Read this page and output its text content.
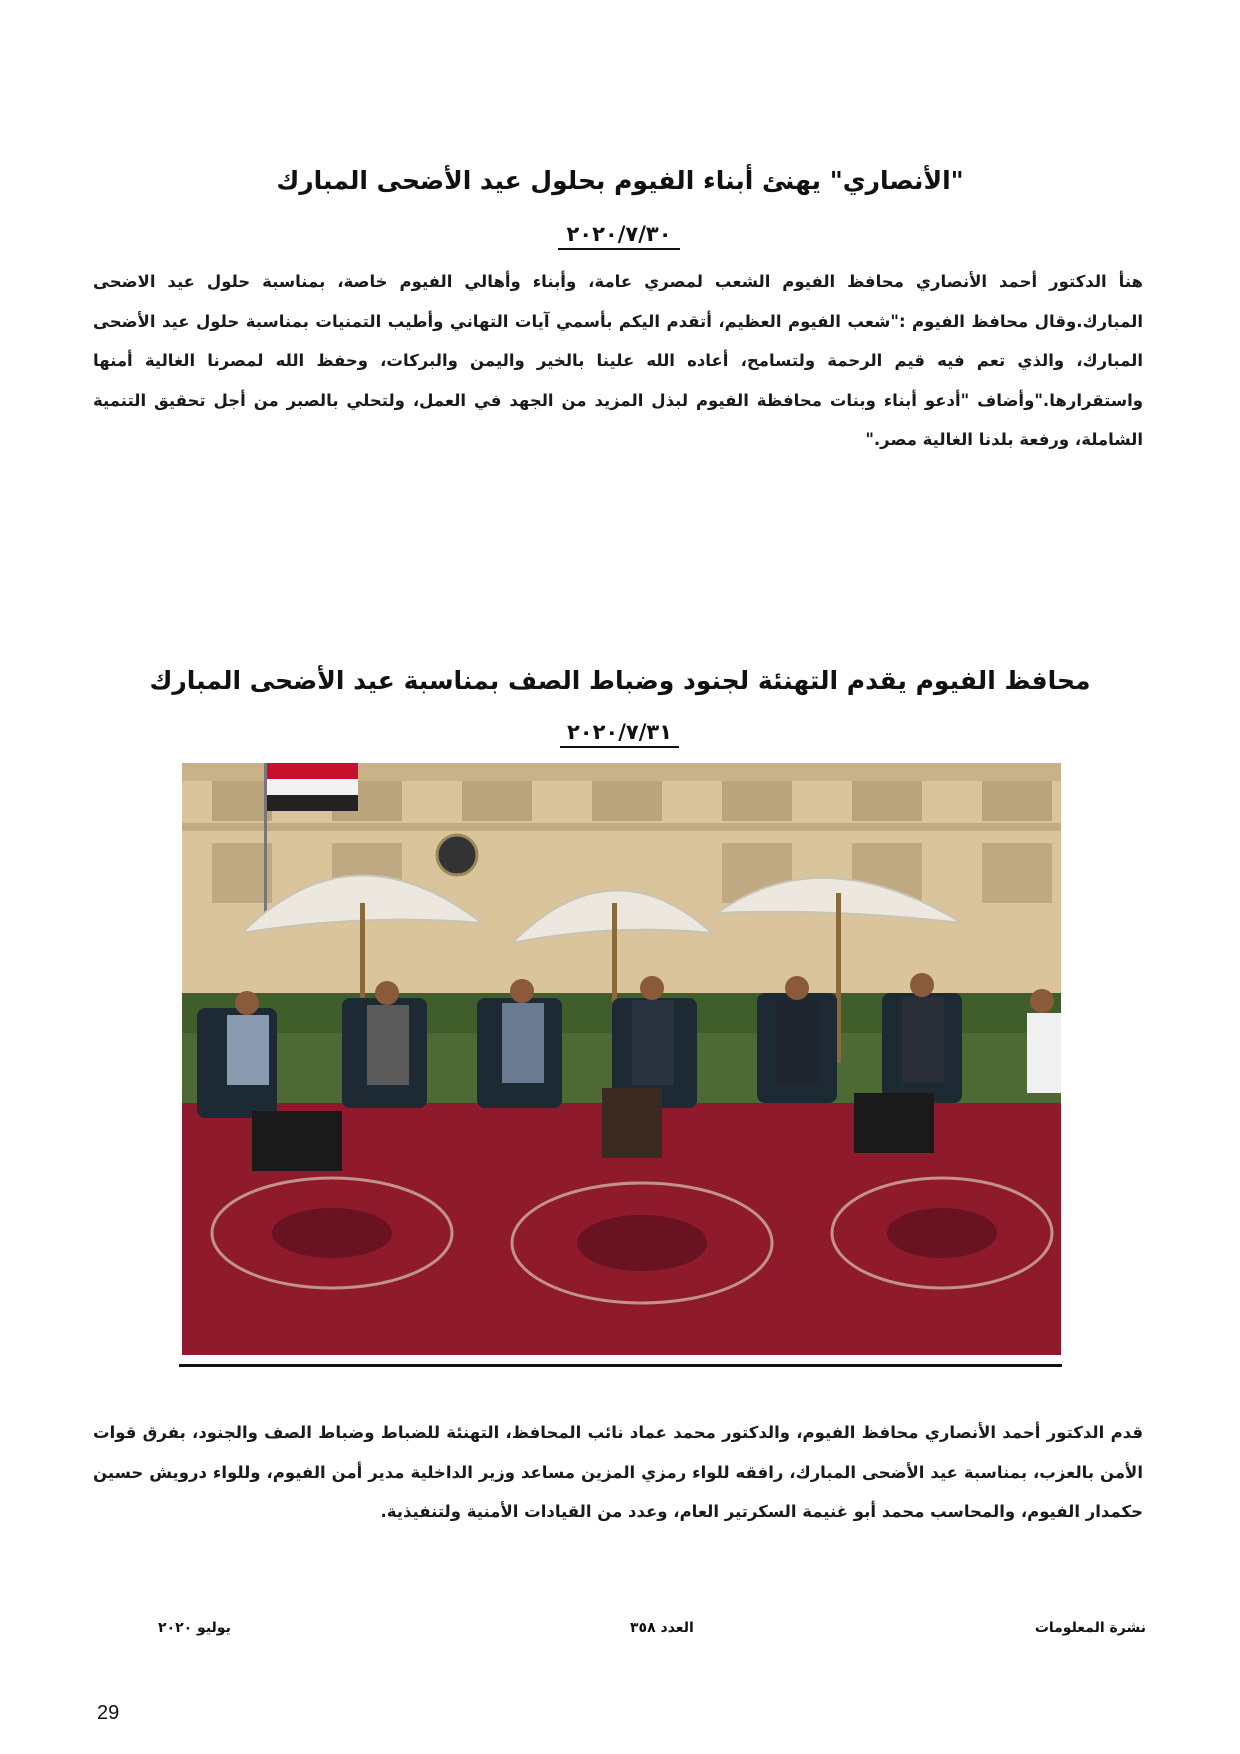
"الأنصاري" يهنئ أبناء الفيوم بحلول عيد الأضحى المبارك
٢٠٢٠/٧/٣٠

هنأ الدكتور أحمد الأنصاري محافظ الفيوم الشعب لمصري عامة، وأبناء وأهالي الفيوم خاصة، بمناسبة حلول عيد الاضحى المبارك.وقال محافظ الفيوم :"شعب الفيوم العظيم، أتقدم اليكم بأسمي آيات التهاني وأطيب التمنيات بمناسبة حلول عيد الأضحى المبارك، والذي تعم فيه قيم الرحمة ولتسامح، أعاده الله علينا بالخير واليمن والبركات، وحفظ الله لمصرنا الغالية أمنها واستقرارها."وأضاف "أدعو أبناء وبنات محافظة الفيوم لبذل المزيد من الجهد في العمل، ولتحلي بالصبر من أجل تحقيق التنمية الشاملة، ورفعة بلدنا الغالية مصر."

محافظ الفيوم يقدم التهنئة لجنود وضباط الصف بمناسبة عيد الأضحى المبارك
٢٠٢٠/٧/٣١

قدم الدكتور أحمد الأنصاري محافظ الفيوم، والدكتور محمد عماد نائب المحافظ، التهنئة للضباط وضباط الصف والجنود، بفرق قوات الأمن بالعزب، بمناسبة عيد الأضحى المبارك، رافقه للواء رمزي المزين مساعد وزير الداخلية مدير أمن الفيوم، وللواء درويش حسين حكمدار الفيوم، والمحاسب محمد أبو غنيمة السكرتير العام، وعدد من القيادات الأمنية ولتنفيذية.

نشرة المعلومات
العدد ٣٥٨
يوليو ٢٠٢٠
29
